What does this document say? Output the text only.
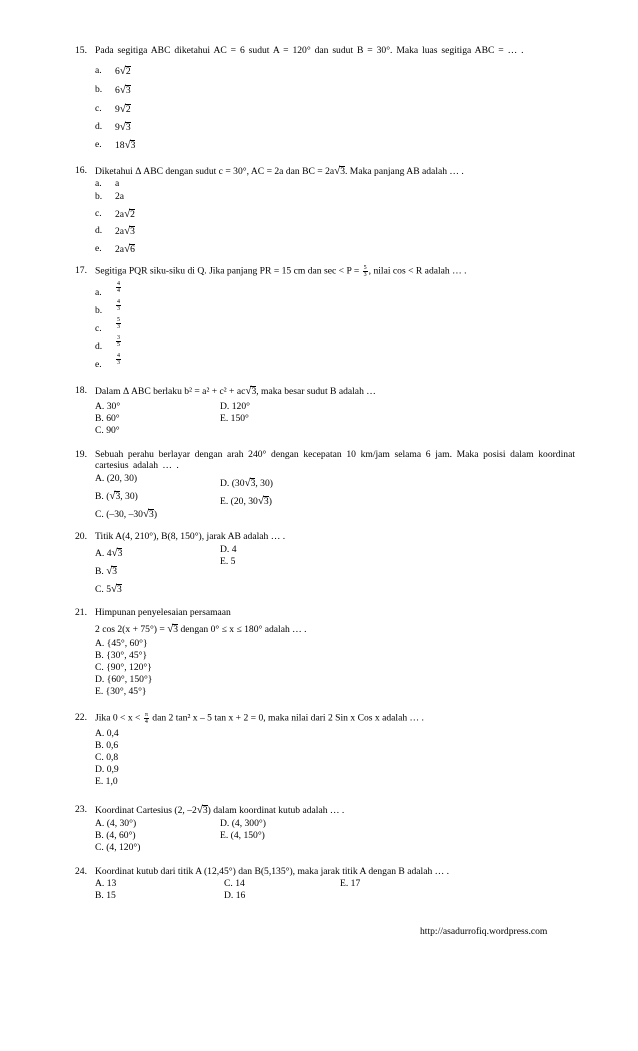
15. Pada segitiga ABC diketahui AC = 6 sudut A = 120° dan sudut B = 30°. Maka luas segitiga ABC = … .
a. 6√2
b. 6√3
c. 9√2
d. 9√3
e. 18√3
16. Diketahui Δ ABC dengan sudut c = 30°, AC = 2a dan BC = 2a√3. Maka panjang AB adalah … .
a. a
b. 2a
c. 2a√2
d. 2a√3
e. 2a√6
17. Segitiga PQR siku-siku di Q. Jika panjang PR = 15 cm dan $\sec < P = \frac{5}{3}$ , nilai cos < R adalah … .
a. $\frac{4}{4}$
b. $\frac{4}{3}$
c. $\frac{5}{3}$
d. $\frac{3}{5}$
e. $\frac{4}{3}$
18. Dalam Δ ABC berlaku b² = a² + c² + ac√3, maka besar sudut B adalah …
A. 30°
B. 60°
C. 90°
D. 120°
E. 150°
19. Sebuah perahu berlayar dengan arah 240° dengan kecepatan 10 km/jam selama 6 jam. Maka posisi dalam koordinat cartesius adalah … .
A. (20, 30)
B. (√3, 30)
C. (–30, –30√3)
D. (30√3, 30)
E. (20, 30√3)
20. Titik A(4, 210°), B(8, 150°), jarak AB adalah … .
A. 4√3
B. √3
C. 5√3
D. 4
E. 5
21. Himpunan penyelesaian persamaan
2 cos 2(x + 75°) = √3 dengan 0° ≤ x ≤ 180° adalah … .
A. {45°, 60°}
B. {30°, 45°}
C. {90°, 120°}
D. {60°, 150°}
E. {30°, 45°}
22. Jika $0 < x < \frac{\pi}{4}$ dan 2 tan² x – 5 tan x + 2 = 0, maka nilai dari 2 Sin x Cos x adalah … .
A. 0,4
B. 0,6
C. 0,8
D. 0,9
E. 1,0
23. Koordinat Cartesius (2, –2√3) dalam koordinat kutub adalah … .
A. (4, 30°)
B. (4, 60°)
C. (4, 120°)
D. (4, 300°)
E. (4, 150°)
24. Koordinat kutub dari titik A (12,45°) dan B(5,135°), maka jarak titik A dengan B adalah … .
A. 13
B. 15
C. 14
D. 16
E. 17
http://asadurrofiq.wordpress.com
